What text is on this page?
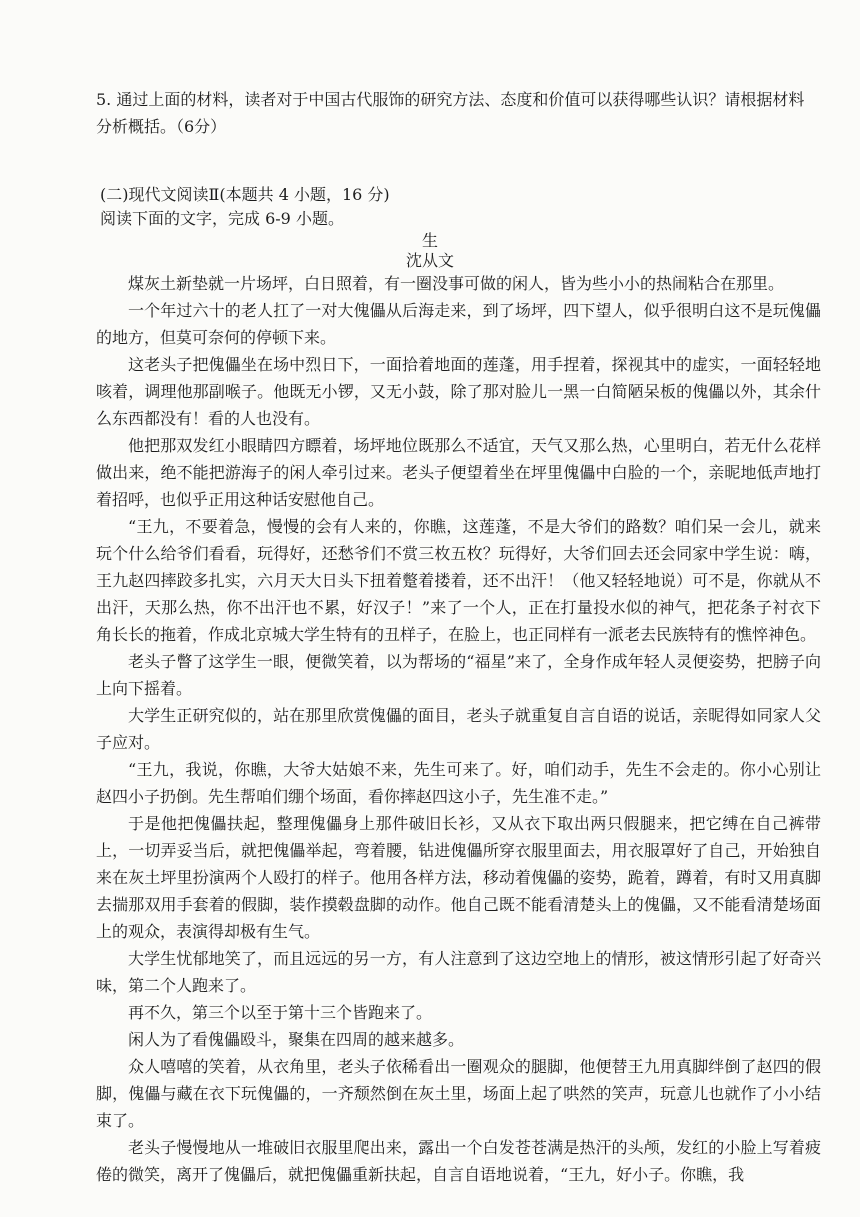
5. 通过上面的材料，读者对于中国古代服饰的研究方法、态度和价值可以获得哪些认识？请根据材料分析概括。（6分）
(二)现代文阅读Ⅱ(本题共 4 小题，16 分)
阅读下面的文字，完成 6-9 小题。
生
沈从文

煤灰土新垫就一片场坪，白日照着，有一圈没事可做的闲人，皆为些小小的热闹粘合在那里。

一个年过六十的老人扛了一对大傀儡从后海走来，到了场坪，四下望人，似乎很明白这不是玩傀儡的地方，但莫可奈何的停顿下来。

这老头子把傀儡坐在场中烈日下，一面拾着地面的莲蓬，用手捏着，探视其中的虚实，一面轻轻地咳着，调理他那副喉子。他既无小锣，又无小鼓，除了那对脸儿一黑一白简陋呆板的傀儡以外，其余什么东西都没有！看的人也没有。

他把那双发红小眼睛四方瞟着，场坪地位既那么不适宜，天气又那么热，心里明白，若无什么花样做出来，绝不能把游海子的闲人牵引过来。老头子便望着坐在坪里傀儡中白脸的一个，亲昵地低声地打着招呼，也似乎正用这种话安慰他自己。

“王九，不要着急，慢慢的会有人来的，你瞧，这莲蓬，不是大爷们的路数？咱们呆一会儿，就来玩个什么给爷们看看，玩得好，还愁爷们不赏三枚五枚？玩得好，大爷们回去还会同家中学生说：嗨，王九赵四摔跤多扎实，六月天大日头下扭着蹩着搂着，还不出汗！（他又轻轻地说）可不是，你就从不出汗，天那么热，你不出汗也不累，好汉子！”来了一个人，正在打量投水似的神气，把花条子衬衣下角长长的拖着，作成北京城大学生特有的丑样子，在脸上，也正同样有一派老去民族特有的憔悴神色。

老头子瞥了这学生一眼，便微笑着，以为帮场的“福星”来了，全身作成年轻人灵便姿势，把膀子向上向下摇着。

大学生正研究似的，站在那里欣赏傀儡的面目，老头子就重复自言自语的说话，亲昵得如同家人父子应对。

“王九，我说，你瞧，大爷大姑娘不来，先生可来了。好，咱们动手，先生不会走的。你小心别让赵四小子扔倒。先生帮咱们绷个场面，看你摔赵四这小子，先生准不走。”

于是他把傀儡扶起，整理傀儡身上那件破旧长衫，又从衣下取出两只假腿来，把它缚在自己裤带上，一切弄妥当后，就把傀儡举起，弯着腰，钻进傀儡所穿衣服里面去，用衣服罩好了自己，开始独自来在灰土坪里扮演两个人殴打的样子。他用各样方法，移动着傀儡的姿势，跪着，蹲着，有时又用真脚去揣那双用手套着的假脚，装作摸毂盘脚的动作。他自己既不能看清楚头上的傀儡，又不能看清楚场面上的观众，表演得却极有生气。

大学生忧郁地笑了，而且远远的另一方，有人注意到了这边空地上的情形，被这情形引起了好奇兴味，第二个人跑来了。

再不久，第三个以至于第十三个皆跑来了。

闲人为了看傀儡殴斗，聚集在四周的越来越多。

众人嘻嘻的笑着，从衣角里，老头子依稀看出一圈观众的腿脚，他便替王九用真脚绊倒了赵四的假脚，傀儡与藏在衣下玩傀儡的，一齐颓然倒在灰土里，场面上起了哄然的笑声，玩意儿也就作了小小结束了。

老头子慢慢地从一堆破旧衣服里爬出来，露出一个白发苍苍满是热汗的头颅，发红的小脸上写着疲倦的微笑，离开了傀儡后，就把傀儡重新扶起，自言自语地说着，“王九，好小子。你瞧，我
